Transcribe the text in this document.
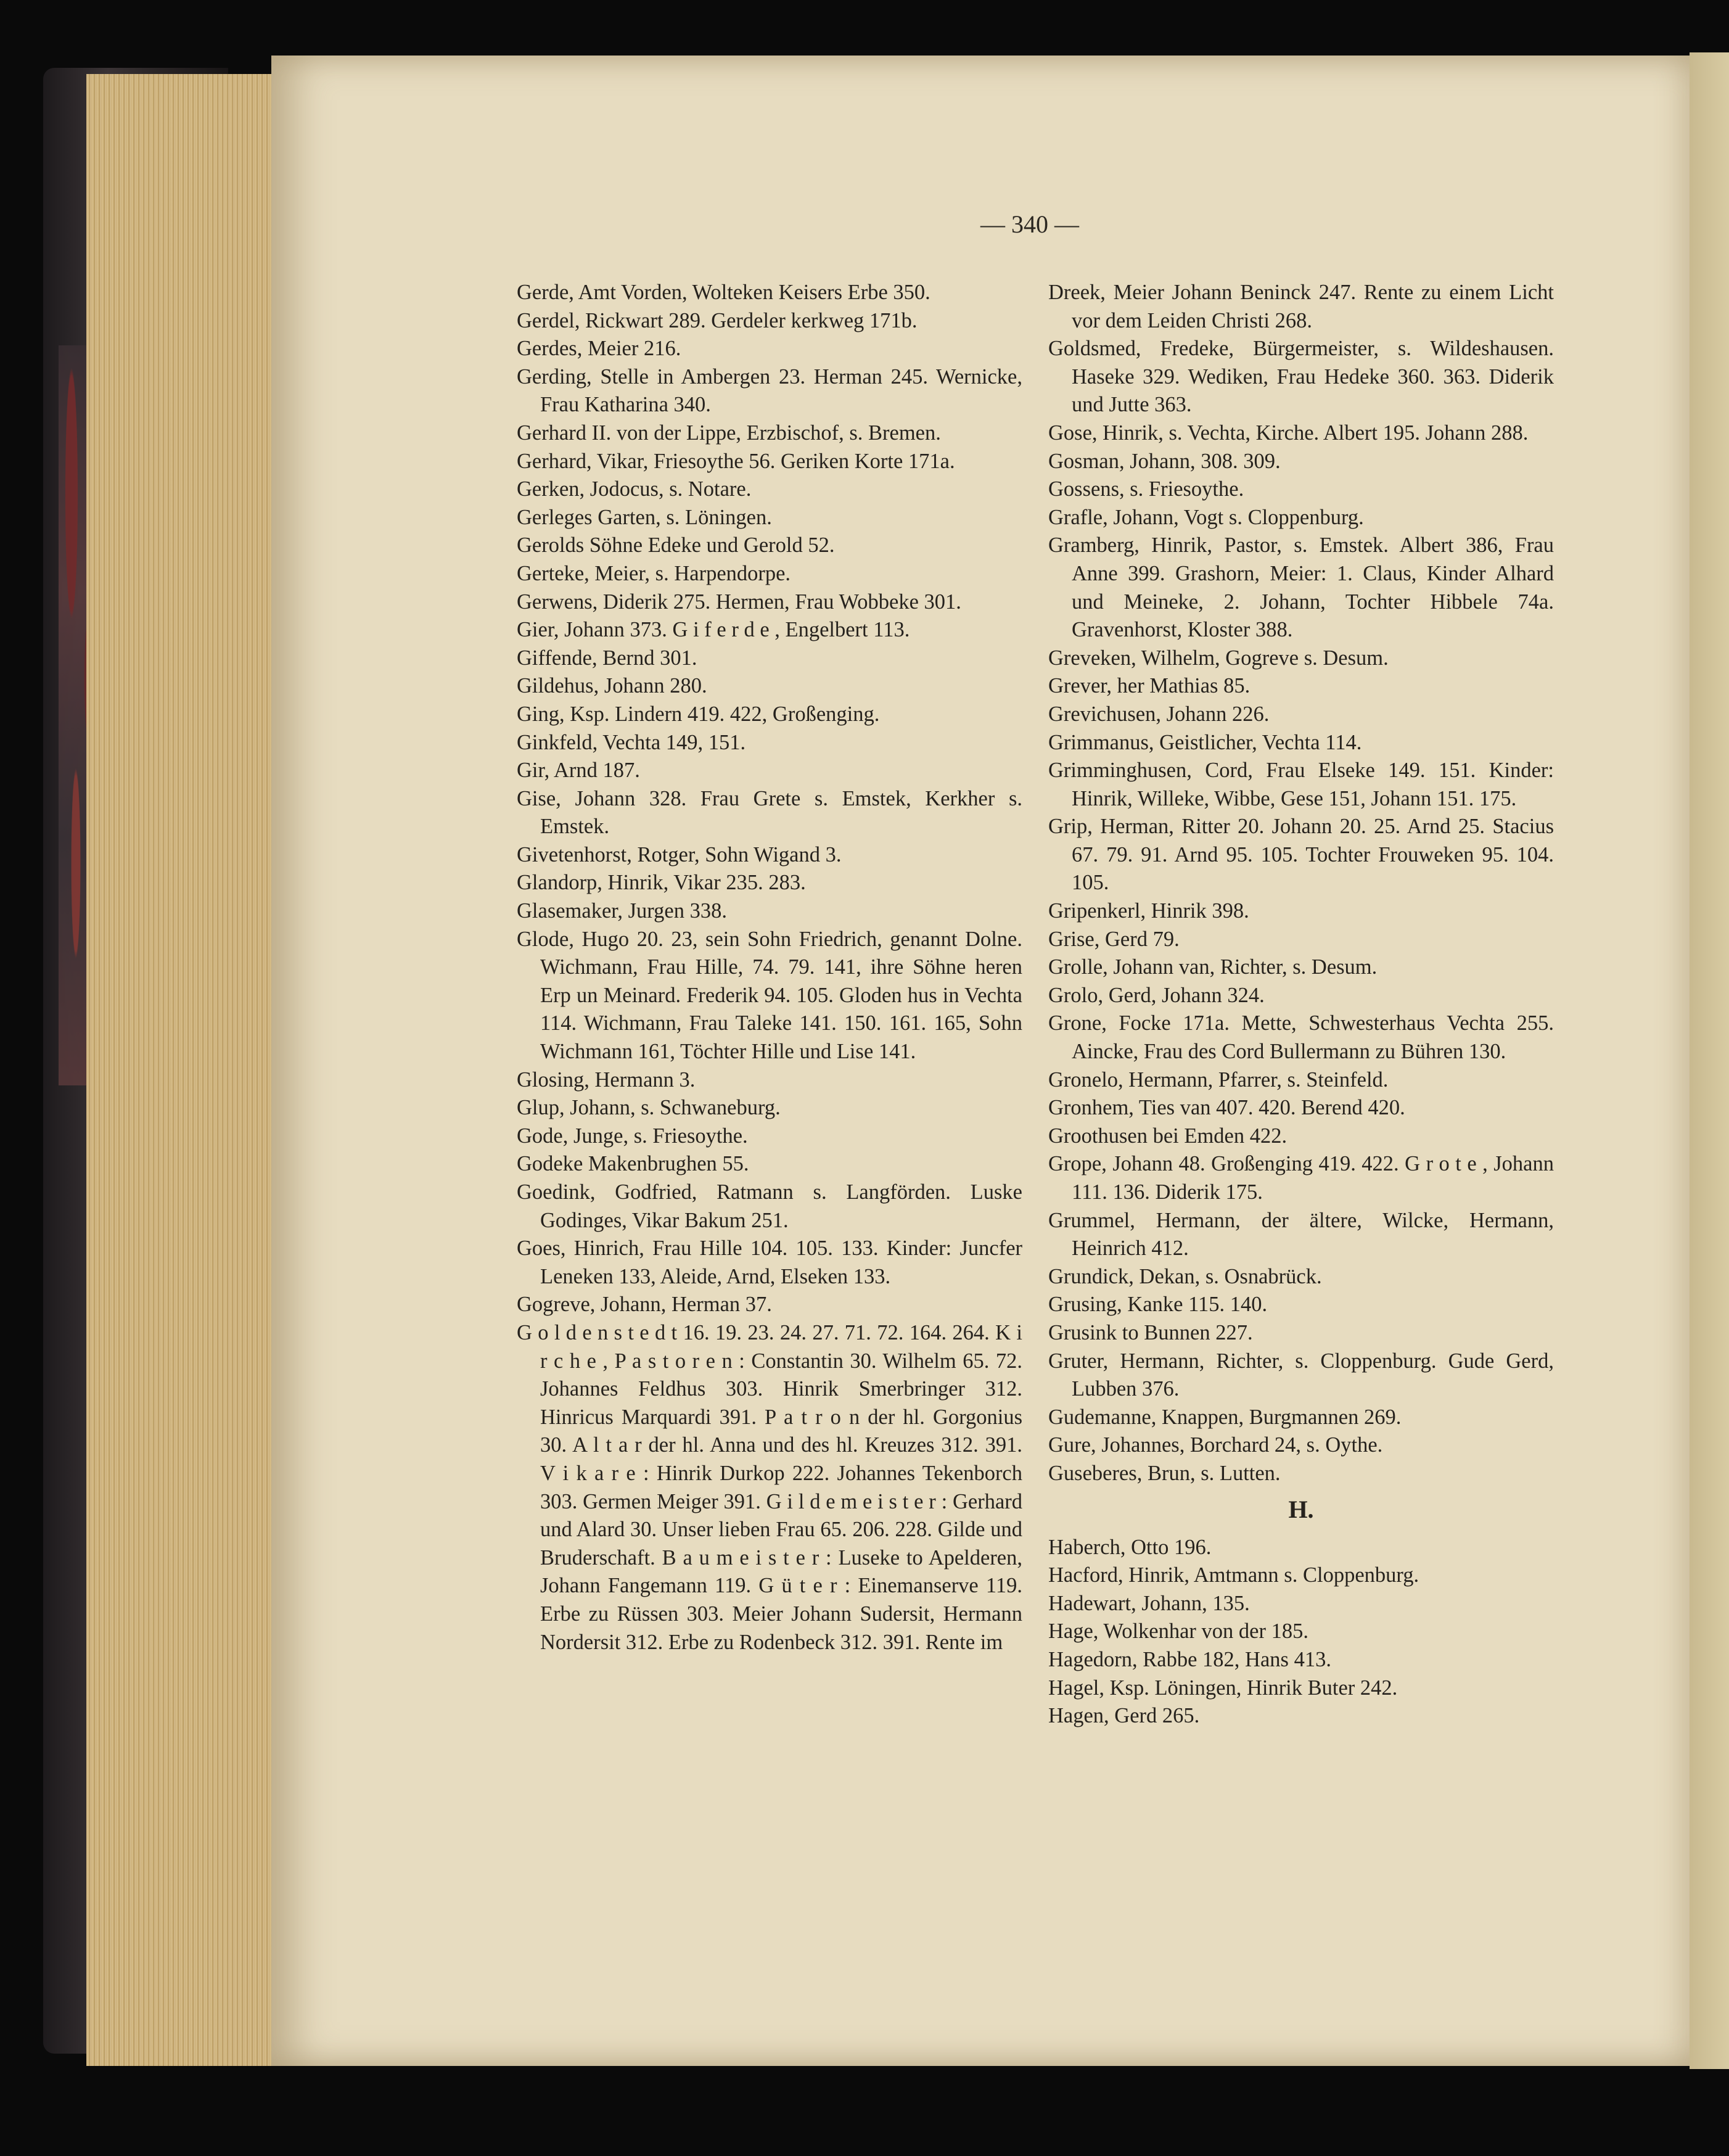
— 340 —
Gerde, Amt Vorden, Wolteken Keisers Erbe 350.
Gerdel, Rickwart 289. Gerdeler kerkweg 171b.
Gerdes, Meier 216.
Gerding, Stelle in Ambergen 23. Herman 245. Wernicke, Frau Katharina 340.
Gerhard II. von der Lippe, Erzbischof, s. Bremen.
Gerhard, Vikar, Friesoythe 56. Geriken Korte 171a.
Gerken, Jodocus, s. Notare.
Gerleges Garten, s. Löningen.
Gerolds Söhne Edeke und Gerold 52.
Gerteke, Meier, s. Harpendorpe.
Gerwens, Diderik 275. Hermen, Frau Wobbeke 301.
Gier, Johann 373. G i f e r d e , Engelbert 113.
Giffende, Bernd 301.
Gildehus, Johann 280.
Ging, Ksp. Lindern 419. 422, Großenging.
Ginkfeld, Vechta 149, 151.
Gir, Arnd 187.
Gise, Johann 328. Frau Grete s. Emstek, Kerkher s. Emstek.
Givetenhorst, Rotger, Sohn Wigand 3.
Glandorp, Hinrik, Vikar 235. 283.
Glasemaker, Jurgen 338.
Glode, Hugo 20. 23, sein Sohn Friedrich, genannt Dolne. Wichmann, Frau Hille, 74. 79. 141, ihre Söhne heren Erp un Meinard. Frederik 94. 105. Gloden hus in Vechta 114. Wichmann, Frau Taleke 141. 150. 161. 165, Sohn Wichmann 161, Töchter Hille und Lise 141.
Glosing, Hermann 3.
Glup, Johann, s. Schwaneburg.
Gode, Junge, s. Friesoythe.
Godeke Makenbrughen 55.
Goedink, Godfried, Ratmann s. Langförden. Luske Godinges, Vikar Bakum 251.
Goes, Hinrich, Frau Hille 104. 105. 133. Kinder: Juncfer Leneken 133, Aleide, Arnd, Elseken 133.
Gogreve, Johann, Herman 37.
G o l d e n s t e d t 16. 19. 23. 24. 27. 71. 72. 164. 264. K i r c h e , P a s t o r e n : Constantin 30. Wilhelm 65. 72. Johannes Feldhus 303. Hinrik Smerbringer 312. Hinricus Marquardi 391. P a t r o n der hl. Gorgonius 30. A l t a r der hl. Anna und des hl. Kreuzes 312. 391. V i k a r e : Hinrik Durkop 222. Johannes Tekenborch 303. Germen Meiger 391. G i l d e m e i s t e r : Gerhard und Alard 30. Unser lieben Frau 65. 206. 228. Gilde und Bruderschaft. B a u m e i s t e r : Luseke to Apelderen, Johann Fangemann 119. G ü t e r : Einemanserve 119. Erbe zu Rüssen 303. Meier Johann Sudersit, Hermann Nordersit 312. Erbe zu Rodenbeck 312. 391. Rente im
Dreek, Meier Johann Beninck 247. Rente zu einem Licht vor dem Leiden Christi 268.
Goldsmed, Fredeke, Bürgermeister, s. Wildeshausen. Haseke 329. Wediken, Frau Hedeke 360. 363. Diderik und Jutte 363.
Gose, Hinrik, s. Vechta, Kirche. Albert 195. Johann 288.
Gosman, Johann, 308. 309.
Gossens, s. Friesoythe.
Grafle, Johann, Vogt s. Cloppenburg.
Gramberg, Hinrik, Pastor, s. Emstek. Albert 386, Frau Anne 399. Grashorn, Meier: 1. Claus, Kinder Alhard und Meineke, 2. Johann, Tochter Hibbele 74a. Gravenhorst, Kloster 388.
Greveken, Wilhelm, Gogreve s. Desum.
Grever, her Mathias 85.
Grevichusen, Johann 226.
Grimmanus, Geistlicher, Vechta 114.
Grimminghusen, Cord, Frau Elseke 149. 151. Kinder: Hinrik, Willeke, Wibbe, Gese 151, Johann 151. 175.
Grip, Herman, Ritter 20. Johann 20. 25. Arnd 25. Stacius 67. 79. 91. Arnd 95. 105. Tochter Frouweken 95. 104. 105.
Gripenkerl, Hinrik 398.
Grise, Gerd 79.
Grolle, Johann van, Richter, s. Desum.
Grolo, Gerd, Johann 324.
Grone, Focke 171a. Mette, Schwesterhaus Vechta 255. Aincke, Frau des Cord Bullermann zu Bühren 130.
Gronelo, Hermann, Pfarrer, s. Steinfeld.
Gronhem, Ties van 407. 420. Berend 420.
Groothusen bei Emden 422.
Grope, Johann 48. Großenging 419. 422. G r o t e , Johann 111. 136. Diderik 175.
Grummel, Hermann, der ältere, Wilcke, Hermann, Heinrich 412.
Grundick, Dekan, s. Osnabrück.
Grusing, Kanke 115. 140.
Grusink to Bunnen 227.
Gruter, Hermann, Richter, s. Cloppenburg. Gude Gerd, Lubben 376.
Gudemanne, Knappen, Burgmannen 269.
Gure, Johannes, Borchard 24, s. Oythe.
Guseberes, Brun, s. Lutten.
H.
Haberch, Otto 196.
Hacford, Hinrik, Amtmann s. Cloppenburg.
Hadewart, Johann, 135.
Hage, Wolkenhar von der 185.
Hagedorn, Rabbe 182, Hans 413.
Hagel, Ksp. Löningen, Hinrik Buter 242.
Hagen, Gerd 265.
